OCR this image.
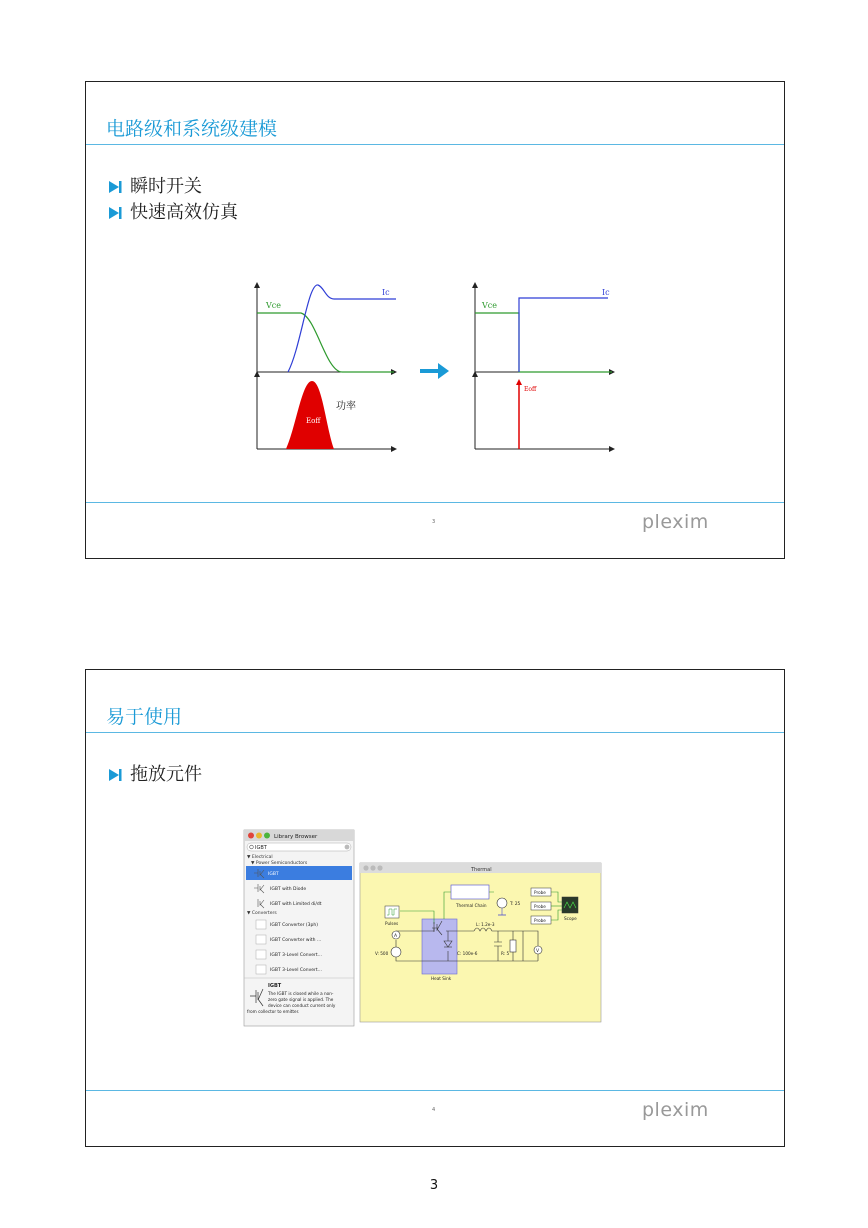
电路级和系统级建模
瞬时开关
快速高效仿真
Vce
Ic
功率
Eoff
Vce
Ic
Eoff
3	plexim
易于使用
拖放元件
Library Browser
IGBT
▼ Electrical
▼ Power Semiconductors
IGBT
IGBT with Diode
IGBT with Limited di/dt
▼ Converters
IGBT Converter (3ph)
IGBT Converter with ...
IGBT 3-Level Convert...
IGBT 3-Level Convert...
IGBT
The IGBT is closed while a non-
zero gate signal is applied. The
device can conduct current only
from collector to emitter.
Thermal
Heat Sink
Thermal Chain	T: 25
Probe
Probe
Probe	Scope
Pulses
A
V: 500
L: 1.2e-3
C: 100e-6	R: 5	V
4	plexim
3
